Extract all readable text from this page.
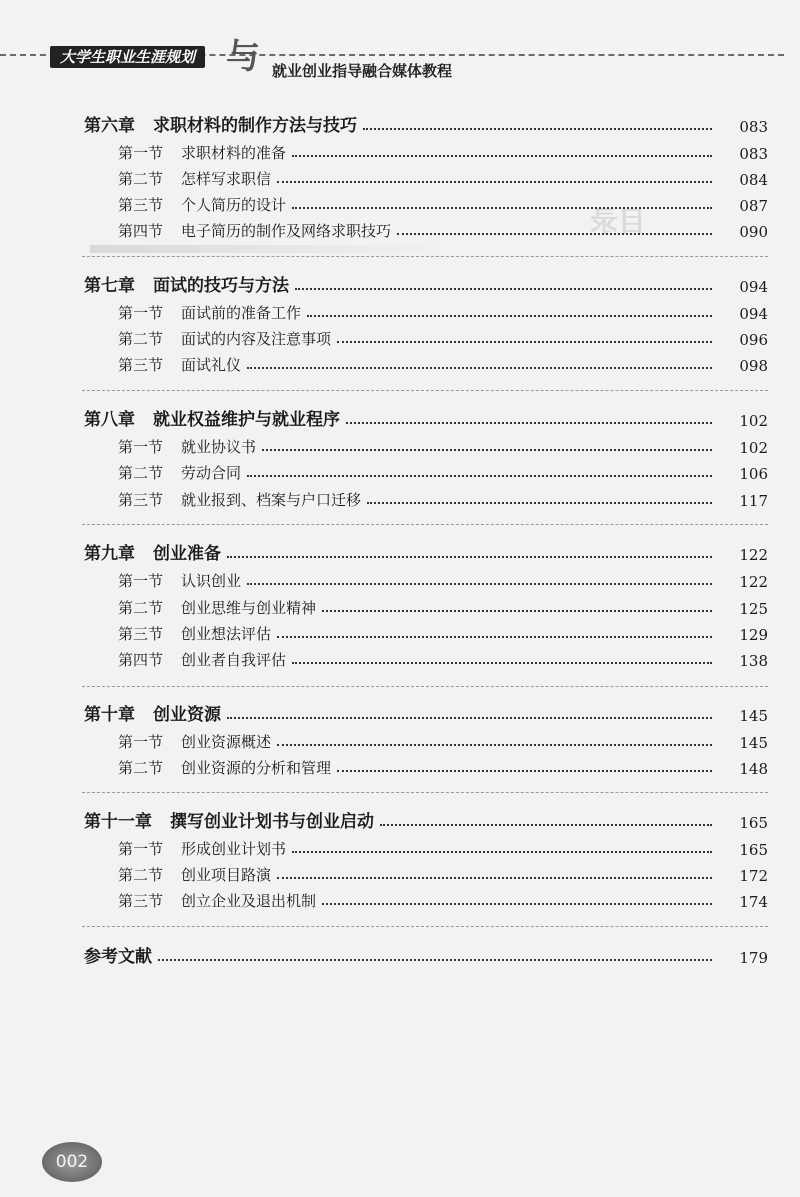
大学生职业生涯规划 与 就业创业指导融合媒体教程
目录
第六章 求职材料的制作方法与技巧	083
第一节 求职材料的准备	083
第二节 怎样写求职信	084
第三节 个人简历的设计	087
第四节 电子简历的制作及网络求职技巧	090
第七章 面试的技巧与方法	094
第一节 面试前的准备工作	094
第二节 面试的内容及注意事项	096
第三节 面试礼仪	098
第八章 就业权益维护与就业程序	102
第一节 就业协议书	102
第二节 劳动合同	106
第三节 就业报到、档案与户口迁移	117
第九章 创业准备	122
第一节 认识创业	122
第二节 创业思维与创业精神	125
第三节 创业想法评估	129
第四节 创业者自我评估	138
第十章 创业资源	145
第一节 创业资源概述	145
第二节 创业资源的分析和管理	148
第十一章 撰写创业计划书与创业启动	165
第一节 形成创业计划书	165
第二节 创业项目路演	172
第三节 创立企业及退出机制	174
参考文献	179
002
